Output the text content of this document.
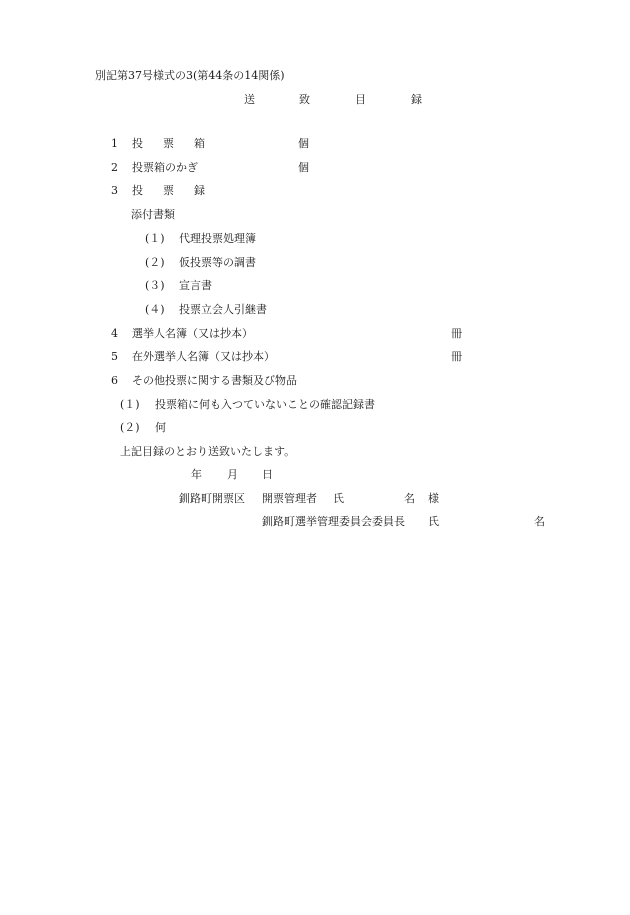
別記第37号様式の3(第44条の14関係)
送	致	目	録
1 投 票 箱	個
2 投票箱のかぎ	個
3 投 票 録
添付書類
(１) 代理投票処理簿
(２) 仮投票等の調書
(３) 宣言書
(４) 投票立会人引継書
4 選挙人名簿（又は抄本）	冊
5 在外選挙人名簿（又は抄本）	冊
6 その他投票に関する書類及び物品
(１) 投票箱に何も入つていないことの確認記録書
(２) 何
上記目録のとおり送致いたします。
年 月 日
釧路町開票区 開票管理者 氏	名 様
釧路町選挙管理委員会委員長 氏	名
